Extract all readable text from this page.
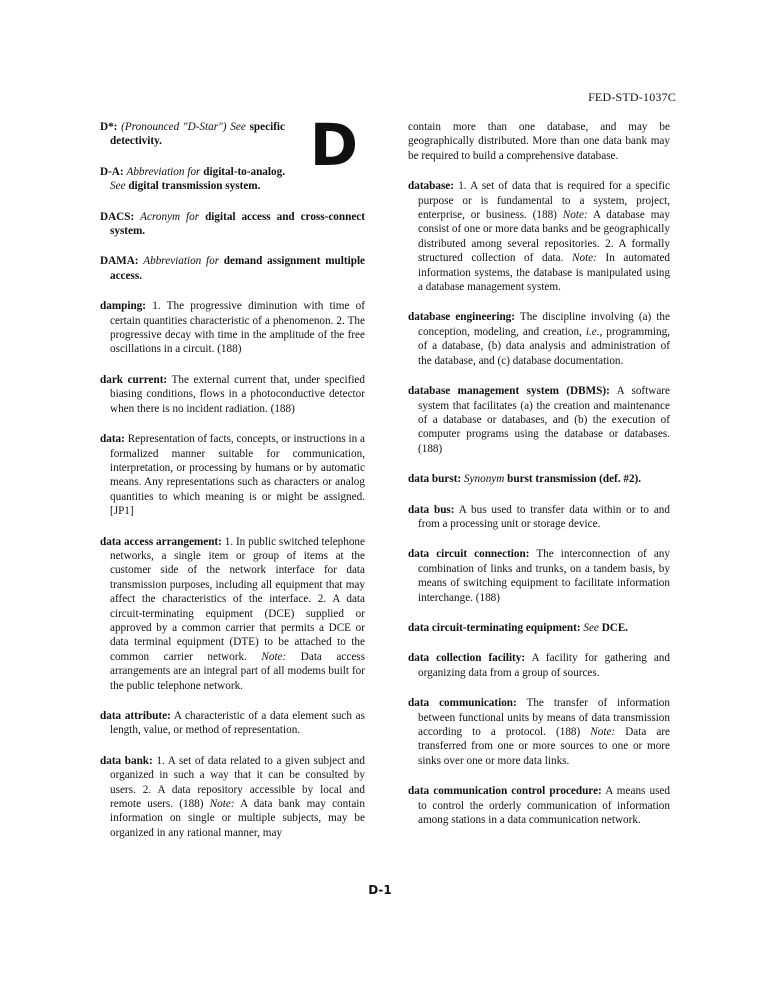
FED-STD-1037C
D

D*: (Pronounced "D-Star") See specific detectivity.

D-A: Abbreviation for digital-to-analog. See digital transmission system.

DACS: Acronym for digital access and cross-connect system.

DAMA: Abbreviation for demand assignment multiple access.

damping: 1. The progressive diminution with time of certain quantities characteristic of a phenomenon. 2. The progressive decay with time in the amplitude of the free oscillations in a circuit. (188)

dark current: The external current that, under specified biasing conditions, flows in a photoconductive detector when there is no incident radiation. (188)

data: Representation of facts, concepts, or instructions in a formalized manner suitable for communication, interpretation, or processing by humans or by automatic means. Any representations such as characters or analog quantities to which meaning is or might be assigned. [JP1]

data access arrangement: 1. In public switched telephone networks, a single item or group of items at the customer side of the network interface for data transmission purposes, including all equipment that may affect the characteristics of the interface. 2. A data circuit-terminating equipment (DCE) supplied or approved by a common carrier that permits a DCE or data terminal equipment (DTE) to be attached to the common carrier network. Note: Data access arrangements are an integral part of all modems built for the public telephone network.

data attribute: A characteristic of a data element such as length, value, or method of representation.

data bank: 1. A set of data related to a given subject and organized in such a way that it can be consulted by users. 2. A data repository accessible by local and remote users. (188) Note: A data bank may contain information on single or multiple subjects, may be organized in any rational manner, may

contain more than one database, and may be geographically distributed. More than one data bank may be required to build a comprehensive database.

database: 1. A set of data that is required for a specific purpose or is fundamental to a system, project, enterprise, or business. (188) Note: A database may consist of one or more data banks and be geographically distributed among several repositories. 2. A formally structured collection of data. Note: In automated information systems, the database is manipulated using a database management system.

database engineering: The discipline involving (a) the conception, modeling, and creation, i.e., programming, of a database, (b) data analysis and administration of the database, and (c) database documentation.

database management system (DBMS): A software system that facilitates (a) the creation and maintenance of a database or databases, and (b) the execution of computer programs using the database or databases. (188)

data burst: Synonym burst transmission (def. #2).

data bus: A bus used to transfer data within or to and from a processing unit or storage device.

data circuit connection: The interconnection of any combination of links and trunks, on a tandem basis, by means of switching equipment to facilitate information interchange. (188)

data circuit-terminating equipment: See DCE.

data collection facility: A facility for gathering and organizing data from a group of sources.

data communication: The transfer of information between functional units by means of data transmission according to a protocol. (188) Note: Data are transferred from one or more sources to one or more sinks over one or more data links.

data communication control procedure: A means used to control the orderly communication of information among stations in a data communication network.

D-1
